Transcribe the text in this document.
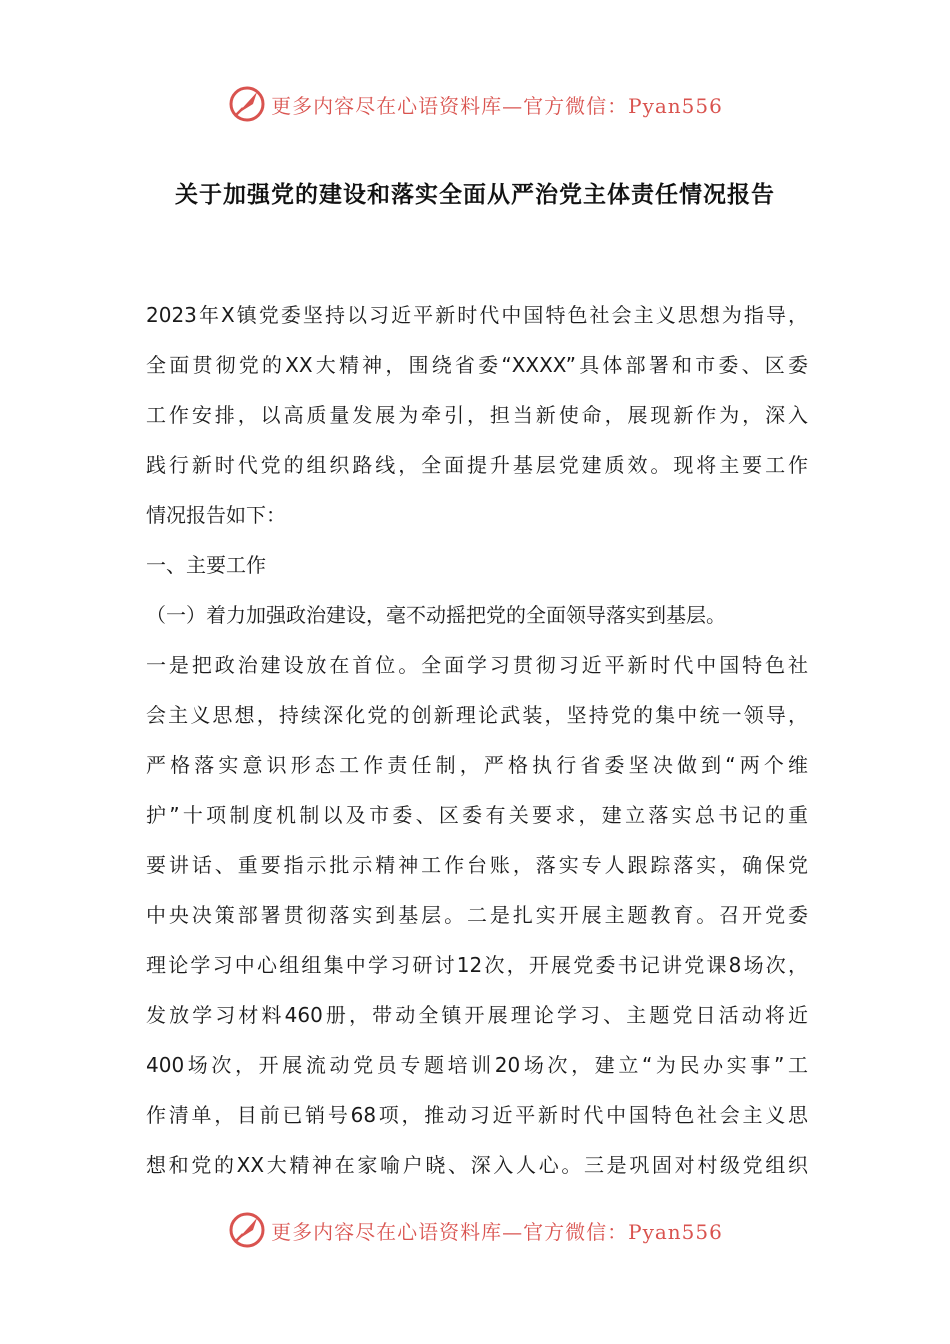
更多内容尽在心语资料库—官方微信：Pyan556
关于加强党的建设和落实全面从严治党主体责任情况报告
2023年X镇党委坚持以习近平新时代中国特色社会主义思想为指导，
全面贯彻党的XX大精神，围绕省委“XXXX”具体部署和市委、区委
工作安排，以高质量发展为牵引，担当新使命，展现新作为，深入
践行新时代党的组织路线，全面提升基层党建质效。现将主要工作
情况报告如下：
一、主要工作
（一）着力加强政治建设，毫不动摇把党的全面领导落实到基层。
一是把政治建设放在首位。全面学习贯彻习近平新时代中国特色社
会主义思想，持续深化党的创新理论武装，坚持党的集中统一领导，
严格落实意识形态工作责任制，严格执行省委坚决做到“两个维
护”十项制度机制以及市委、区委有关要求，建立落实总书记的重
要讲话、重要指示批示精神工作台账，落实专人跟踪落实，确保党
中央决策部署贯彻落实到基层。二是扎实开展主题教育。召开党委
理论学习中心组组集中学习研讨12次，开展党委书记讲党课8场次，
发放学习材料460册，带动全镇开展理论学习、主题党日活动将近
400场次，开展流动党员专题培训20场次，建立“为民办实事”工
作清单，目前已销号68项，推动习近平新时代中国特色社会主义思
想和党的XX大精神在家喻户晓、深入人心。三是巩固对村级党组织
更多内容尽在心语资料库—官方微信：Pyan556
